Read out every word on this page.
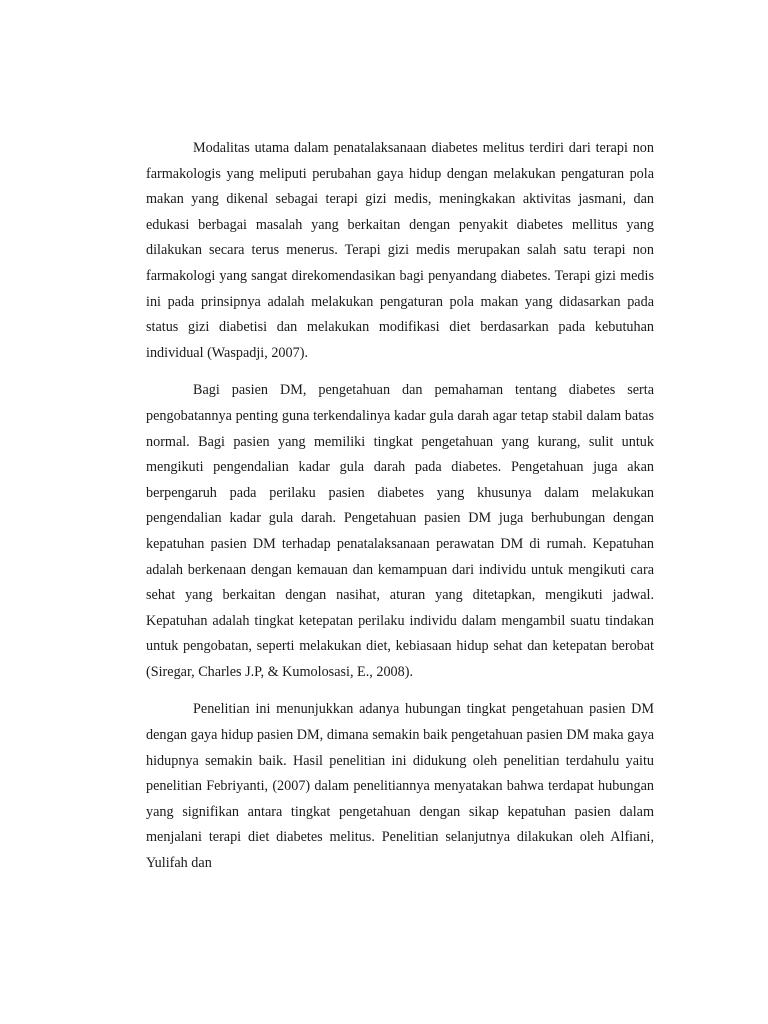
Modalitas utama dalam penatalaksanaan diabetes melitus terdiri dari terapi non farmakologis yang meliputi perubahan gaya hidup dengan melakukan pengaturan pola makan yang dikenal sebagai terapi gizi medis, meningkakan aktivitas jasmani, dan edukasi berbagai masalah yang berkaitan dengan penyakit diabetes mellitus yang dilakukan secara terus menerus. Terapi gizi medis merupakan salah satu terapi non farmakologi yang sangat direkomendasikan bagi penyandang diabetes. Terapi gizi medis ini pada prinsipnya adalah melakukan pengaturan pola makan yang didasarkan pada status gizi diabetisi dan melakukan modifikasi diet berdasarkan pada kebutuhan individual (Waspadji, 2007).

Bagi pasien DM, pengetahuan dan pemahaman tentang diabetes serta pengobatannya penting guna terkendalinya kadar gula darah agar tetap stabil dalam batas normal. Bagi pasien yang memiliki tingkat pengetahuan yang kurang, sulit untuk mengikuti pengendalian kadar gula darah pada diabetes. Pengetahuan juga akan berpengaruh pada perilaku pasien diabetes yang khusunya dalam melakukan pengendalian kadar gula darah. Pengetahuan pasien DM juga berhubungan dengan kepatuhan pasien DM terhadap penatalaksanaan perawatan DM di rumah. Kepatuhan adalah berkenaan dengan kemauan dan kemampuan dari individu untuk mengikuti cara sehat yang berkaitan dengan nasihat, aturan yang ditetapkan, mengikuti jadwal. Kepatuhan adalah tingkat ketepatan perilaku individu dalam mengambil suatu tindakan untuk pengobatan, seperti melakukan diet, kebiasaan hidup sehat dan ketepatan berobat (Siregar, Charles J.P, & Kumolosasi, E., 2008).

Penelitian ini menunjukkan adanya hubungan tingkat pengetahuan pasien DM dengan gaya hidup pasien DM, dimana semakin baik pengetahuan pasien DM maka gaya hidupnya semakin baik. Hasil penelitian ini didukung oleh penelitian terdahulu yaitu penelitian Febriyanti, (2007) dalam penelitiannya menyatakan bahwa terdapat hubungan yang signifikan antara tingkat pengetahuan dengan sikap kepatuhan pasien dalam menjalani terapi diet diabetes melitus. Penelitian selanjutnya dilakukan oleh Alfiani, Yulifah dan
